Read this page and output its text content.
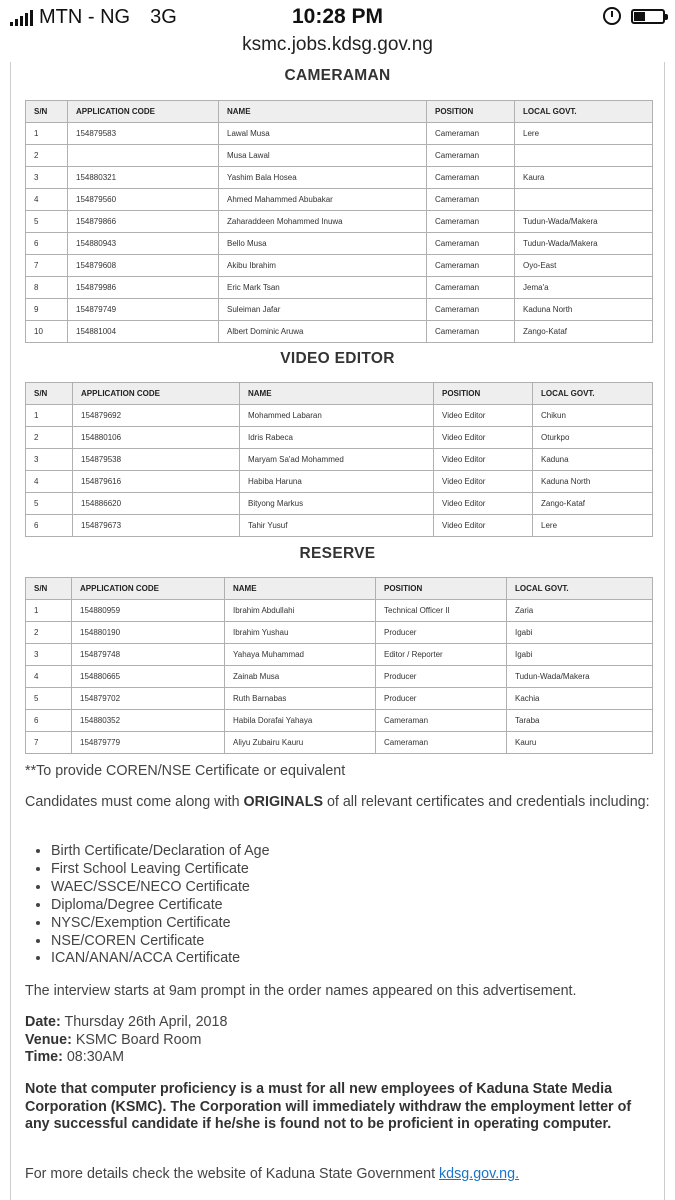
MTN - NG 3G	10:28 PM
ksmc.jobs.kdsg.gov.ng
CAMERAMAN
S/N	APPLICATION CODE	NAME	POSITION	LOCAL GOVT.
1	154879583	Lawal Musa	Cameraman	Lere
2		Musa Lawal	Cameraman	
3	154880321	Yashim Bala Hosea	Cameraman	Kaura
4	154879560	Ahmed Mahammed Abubakar	Cameraman	
5	154879866	Zaharaddeen Mohammed Inuwa	Cameraman	Tudun-Wada/Makera
6	154880943	Bello Musa	Cameraman	Tudun-Wada/Makera
7	154879608	Akibu Ibrahim	Cameraman	Oyo-East
8	154879986	Eric Mark Tsan	Cameraman	Jema'a
9	154879749	Suleiman Jafar	Cameraman	Kaduna North
10	154881004	Albert Dominic Aruwa	Cameraman	Zango-Kataf
VIDEO EDITOR
S/N	APPLICATION CODE	NAME	POSITION	LOCAL GOVT.
1	154879692	Mohammed Labaran	Video Editor	Chikun
2	154880106	Idris Rabeca	Video Editor	Oturkpo
3	154879538	Maryam Sa'ad Mohammed	Video Editor	Kaduna
4	154879616	Habiba Haruna	Video Editor	Kaduna North
5	154886620	Bityong Markus	Video Editor	Zango-Kataf
6	154879673	Tahir Yusuf	Video Editor	Lere
RESERVE
S/N	APPLICATION CODE	NAME	POSITION	LOCAL GOVT.
1	154880959	Ibrahim Abdullahi	Technical Officer II	Zaria
2	154880190	Ibrahim Yushau	Producer	Igabi
3	154879748	Yahaya Muhammad	Editor / Reporter	Igabi
4	154880665	Zainab Musa	Producer	Tudun-Wada/Makera
5	154879702	Ruth Barnabas	Producer	Kachia
6	154880352	Habila Dorafai Yahaya	Cameraman	Taraba
7	154879779	Aliyu Zubairu Kauru	Cameraman	Kauru
**To provide COREN/NSE Certificate or equivalent
Candidates must come along with ORIGINALS of all relevant certificates and credentials including:
• Birth Certificate/Declaration of Age
• First School Leaving Certificate
• WAEC/SSCE/NECO Certificate
• Diploma/Degree Certificate
• NYSC/Exemption Certificate
• NSE/COREN Certificate
• ICAN/ANAN/ACCA Certificate
The interview starts at 9am prompt in the order names appeared on this advertisement.
Date: Thursday 26th April, 2018
Venue: KSMC Board Room
Time: 08:30AM
Note that computer proficiency is a must for all new employees of Kaduna State Media Corporation (KSMC). The Corporation will immediately withdraw the employment letter of any successful candidate if he/she is found not to be proficient in operating computer.
For more details check the website of Kaduna State Government kdsg.gov.ng.
